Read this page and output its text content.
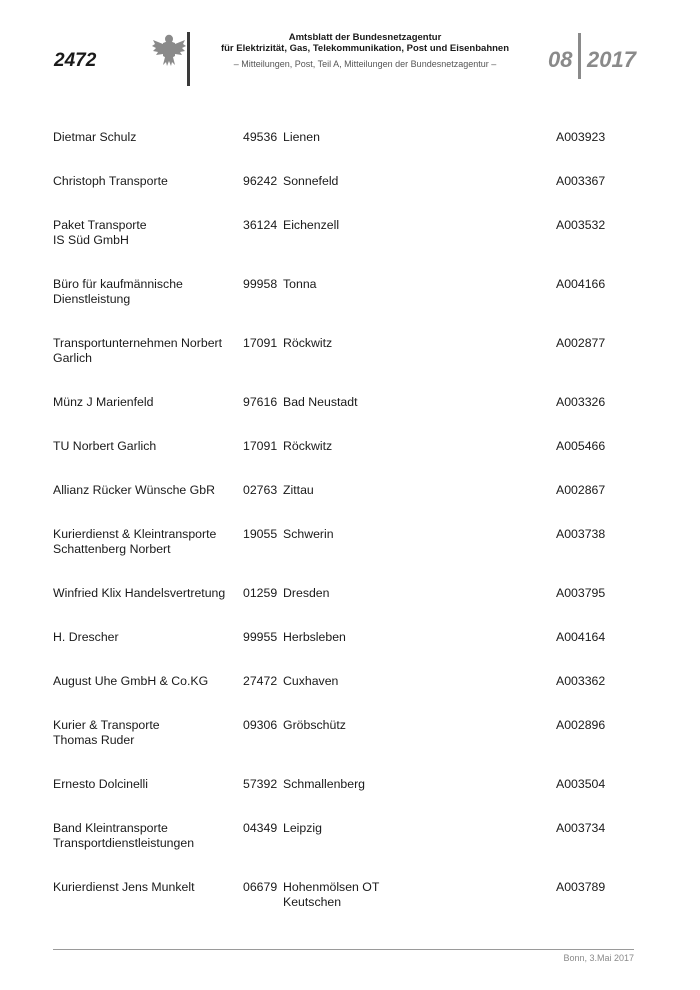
2472
Amtsblatt der Bundesnetzagentur
für Elektrizität, Gas, Telekommunikation, Post und Eisenbahnen
– Mitteilungen, Post, Teil A, Mitteilungen der Bundesnetzagentur –	08 2017
Dietmar Schulz	49536 Lienen	A003923
Christoph Transporte	96242 Sonnefeld	A003367
Paket Transporte
IS Süd GmbH
36124 Eichenzell	A003532
Büro für kaufmännische
Dienstleistung
99958 Tonna	A004166
Transportunternehmen Norbert
Garlich
17091 Röckwitz	A002877
Münz J Marienfeld	97616 Bad Neustadt	A003326
TU Norbert Garlich	17091 Röckwitz	A005466
Allianz Rücker Wünsche GbR	02763 Zittau	A002867
Kurierdienst & Kleintransporte
Schattenberg Norbert
19055 Schwerin	A003738
Winfried Klix Handelsvertretung	01259 Dresden	A003795
H. Drescher	99955 Herbsleben	A004164
August Uhe GmbH & Co.KG	27472 Cuxhaven	A003362
Kurier & Transporte
Thomas Ruder
09306 Gröbschütz	A002896
Ernesto Dolcinelli	57392 Schmallenberg	A003504
Band Kleintransporte
Transportdienstleistungen
04349 Leipzig	A003734
Kurierdienst Jens Munkelt	06679 Hohenmölsen OT
Keutschen
A003789
Bonn, 3.Mai 2017
